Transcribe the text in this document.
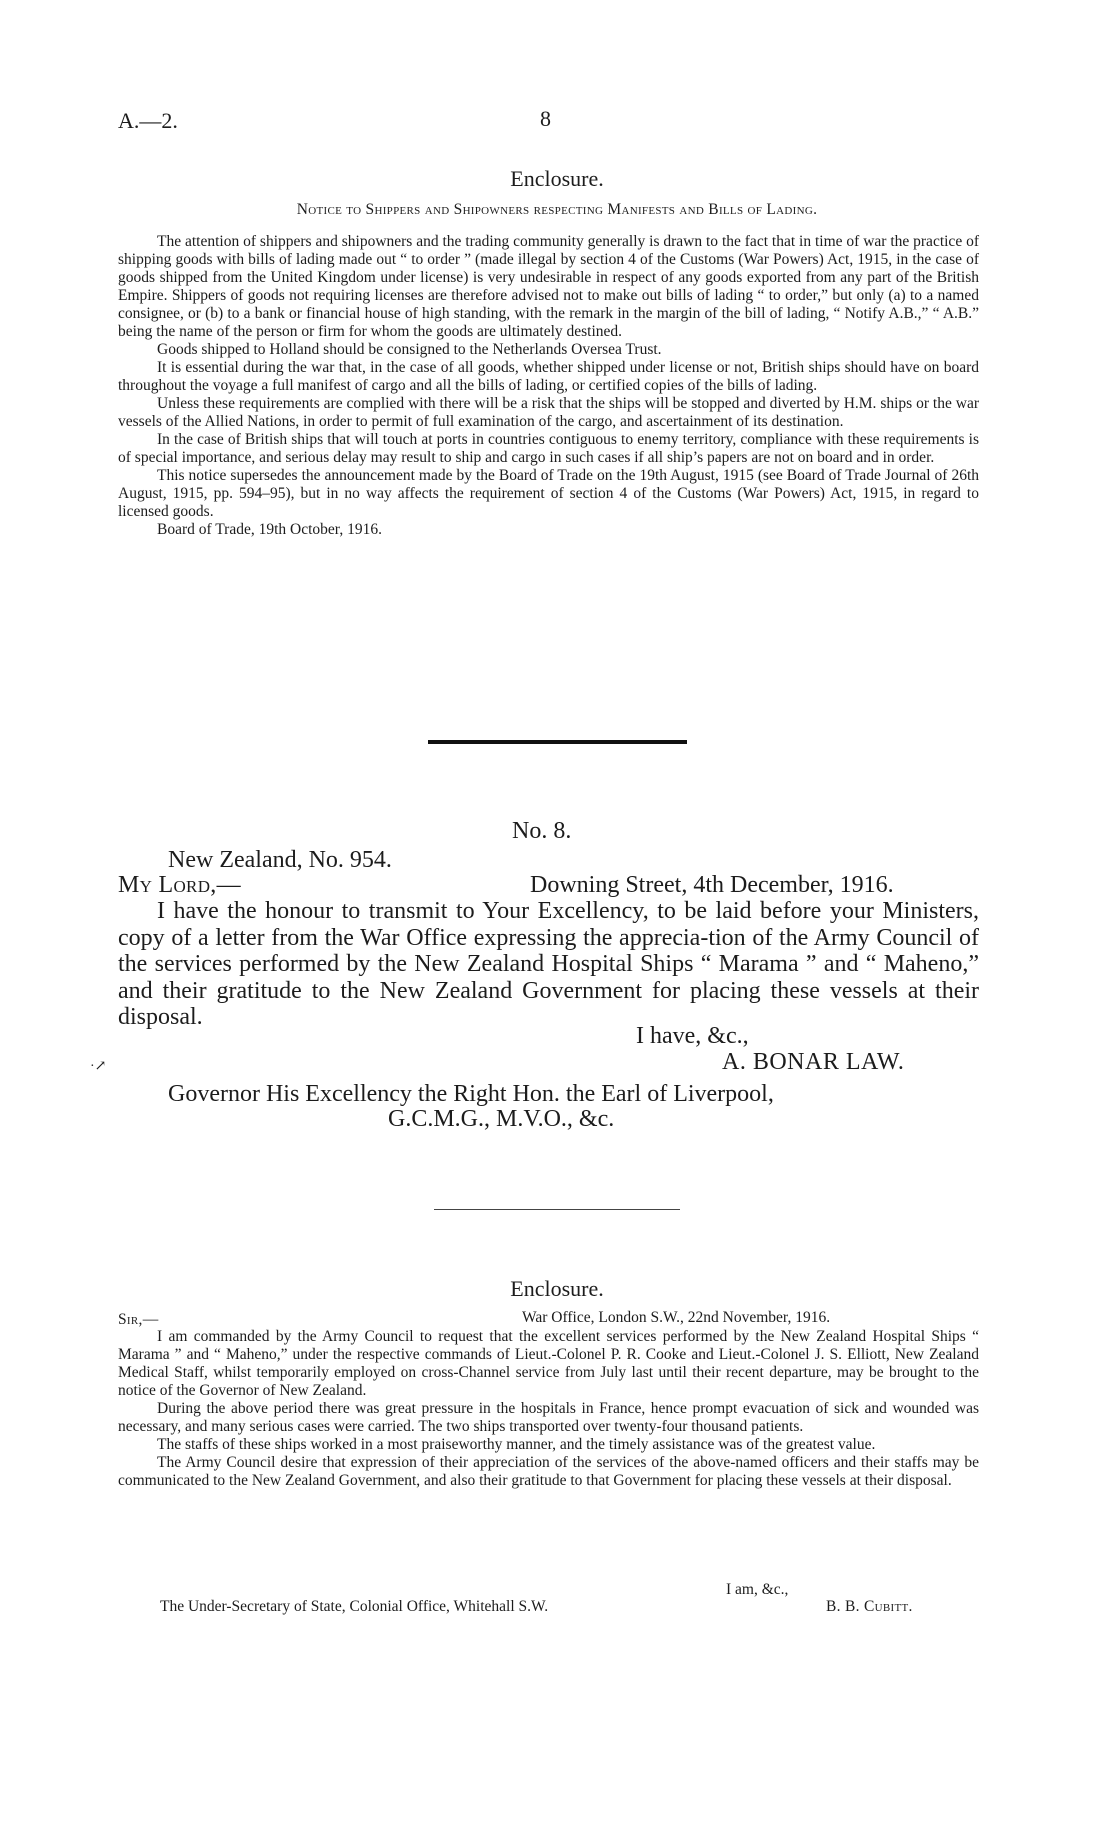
A.—2.	8
Enclosure.
Notice to Shippers and Shipowners respecting Manifests and Bills of Lading.

The attention of shippers and shipowners and the trading community generally is drawn to the fact that in time of war the practice of shipping goods with bills of lading made out “ to order ” (made illegal by section 4 of the Customs (War Powers) Act, 1915, in the case of goods shipped from the United Kingdom under license) is very undesirable in respect of any goods exported from any part of the British Empire. Shippers of goods not requiring licenses are therefore advised not to make out bills of lading “ to order,” but only (a) to a named consignee, or (b) to a bank or financial house of high standing, with the remark in the margin of the bill of lading, “ Notify A.B.,” “ A.B.” being the name of the person or firm for whom the goods are ultimately destined.

Goods shipped to Holland should be consigned to the Netherlands Oversea Trust.

It is essential during the war that, in the case of all goods, whether shipped under license or not, British ships should have on board throughout the voyage a full manifest of cargo and all the bills of lading, or certified copies of the bills of lading.

Unless these requirements are complied with there will be a risk that the ships will be stopped and diverted by H.M. ships or the war vessels of the Allied Nations, in order to permit of full examination of the cargo, and ascertainment of its destination.

In the case of British ships that will touch at ports in countries contiguous to enemy territory, compliance with these requirements is of special importance, and serious delay may result to ship and cargo in such cases if all ship’s papers are not on board and in order.

This notice supersedes the announcement made by the Board of Trade on the 19th August, 1915 (see Board of Trade Journal of 26th August, 1915, pp. 594–95), but in no way affects the requirement of section 4 of the Customs (War Powers) Act, 1915, in regard to licensed goods.

Board of Trade, 19th October, 1916.

No. 8.
New Zealand, No. 954.
My Lord,—	Downing Street, 4th December, 1916.

I have the honour to transmit to Your Excellency, to be laid before your Ministers, copy of a letter from the War Office expressing the apprecia-tion of the Army Council of the services performed by the New Zealand Hospital Ships “ Marama ” and “ Maheno,” and their gratitude to the New Zealand Government for placing these vessels at their disposal.

I have, &c.,
·↗	A. BONAR LAW.
Governor His Excellency the Right Hon. the Earl of Liverpool,
G.C.M.G., M.V.O., &c.
Enclosure.
Sir,—	War Office, London S.W., 22nd November, 1916.

I am commanded by the Army Council to request that the excellent services performed by the New Zealand Hospital Ships “ Marama ” and “ Maheno,” under the respective commands of Lieut.-Colonel P. R. Cooke and Lieut.-Colonel J. S. Elliott, New Zealand Medical Staff, whilst temporarily employed on cross-Channel service from July last until their recent departure, may be brought to the notice of the Governor of New Zealand.

During the above period there was great pressure in the hospitals in France, hence prompt evacuation of sick and wounded was necessary, and many serious cases were carried. The two ships transported over twenty-four thousand patients.

The staffs of these ships worked in a most praiseworthy manner, and the timely assistance was of the greatest value.

The Army Council desire that expression of their appreciation of the services of the above-named officers and their staffs may be communicated to the New Zealand Government, and also their gratitude to that Government for placing these vessels at their disposal.

I am, &c.,
The Under-Secretary of State, Colonial Office, Whitehall S.W.	B. B. Cubitt.
